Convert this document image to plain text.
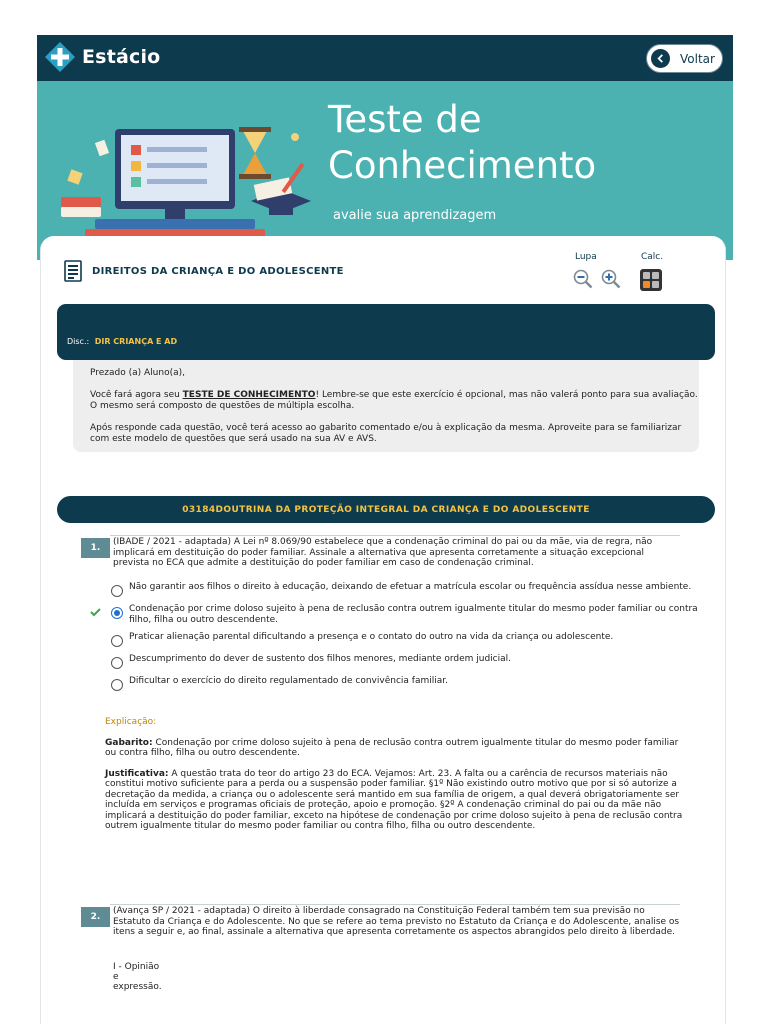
Estácio	Voltar
Teste de
Conhecimento
avalie sua aprendizagem
DIREITOS DA CRIANÇA E DO ADOLESCENTE
Lupa	Calc.
Disc.: DIR CRIANÇA E AD

Prezado (a) Aluno(a),

Você fará agora seu TESTE DE CONHECIMENTO! Lembre-se que este exercício é opcional, mas não valerá ponto para sua avaliação. O mesmo será composto de questões de múltipla escolha.

Após responde cada questão, você terá acesso ao gabarito comentado e/ou à explicação da mesma. Aproveite para se familiarizar com este modelo de questões que será usado na sua AV e AVS.

03184DOUTRINA DA PROTEÇÃO INTEGRAL DA CRIANÇA E DO ADOLESCENTE
1.
(IBADE / 2021 - adaptada) A Lei nº 8.069/90 estabelece que a condenação criminal do pai ou da mãe, via de regra, não implicará em destituição do poder familiar. Assinale a alternativa que apresenta corretamente a situação excepcional prevista no ECA que admite a destituição do poder familiar em caso de condenação criminal.
Não garantir aos filhos o direito à educação, deixando de efetuar a matrícula escolar ou frequência assídua nesse ambiente.
Condenação por crime doloso sujeito à pena de reclusão contra outrem igualmente titular do mesmo poder familiar ou contra filho, filha ou outro descendente.
Praticar alienação parental dificultando a presença e o contato do outro na vida da criança ou adolescente.
Descumprimento do dever de sustento dos filhos menores, mediante ordem judicial.
Dificultar o exercício do direito regulamentado de convivência familiar.
Explicação:

Gabarito: Condenação por crime doloso sujeito à pena de reclusão contra outrem igualmente titular do mesmo poder familiar ou contra filho, filha ou outro descendente.

Justificativa: A questão trata do teor do artigo 23 do ECA. Vejamos: Art. 23. A falta ou a carência de recursos materiais não constitui motivo suficiente para a perda ou a suspensão poder familiar. §1º Não existindo outro motivo que por si só autorize a decretação da medida, a criança ou o adolescente será mantido em sua família de origem, a qual deverá obrigatoriamente ser incluída em serviços e programas oficiais de proteção, apoio e promoção. §2º A condenação criminal do pai ou da mãe não implicará a destituição do poder familiar, exceto na hipótese de condenação por crime doloso sujeito à pena de reclusão contra outrem igualmente titular do mesmo poder familiar ou contra filho, filha ou outro descendente.

2.
(Avança SP / 2021 - adaptada) O direito à liberdade consagrado na Constituição Federal também tem sua previsão no Estatuto da Criança e do Adolescente. No que se refere ao tema previsto no Estatuto da Criança e do Adolescente, analise os itens a seguir e, ao final, assinale a alternativa que apresenta corretamente os aspectos abrangidos pelo direito à liberdade.
I - Opinião e expressão.
